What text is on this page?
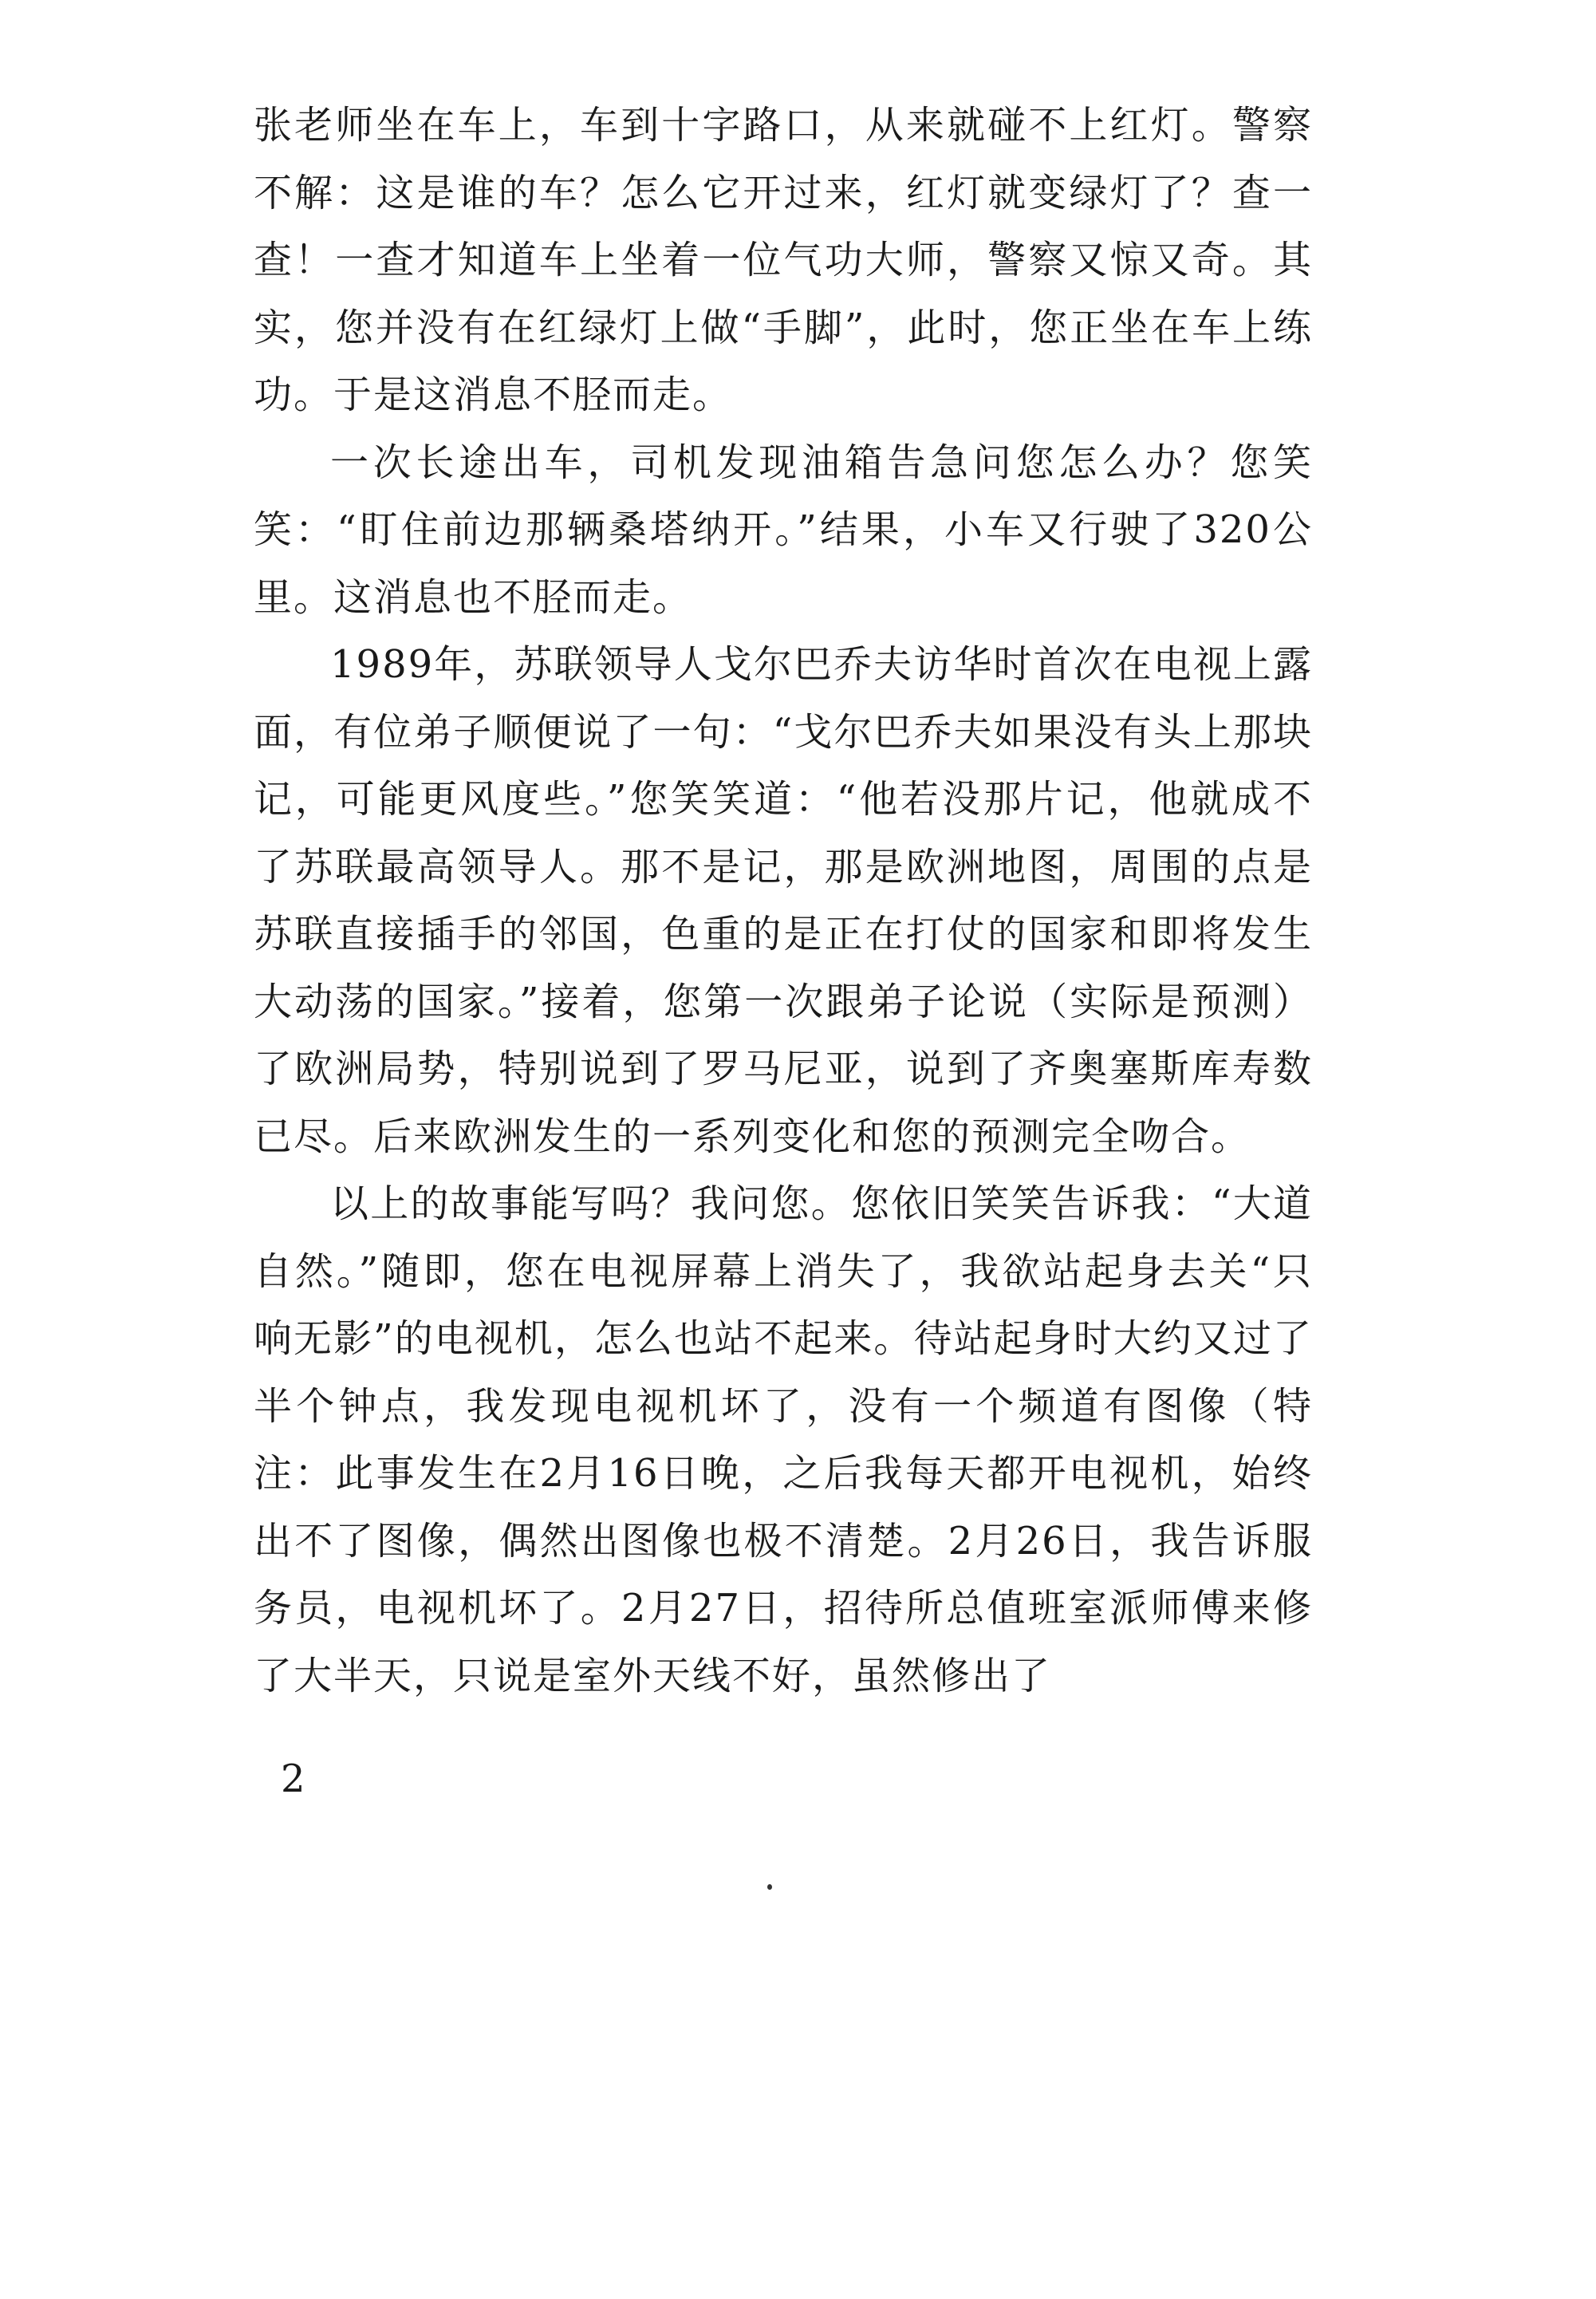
张老师坐在车上，车到十字路口，从来就碰不上红灯。警察不解：这是谁的车？怎么它开过来，红灯就变绿灯了？查一查！一查才知道车上坐着一位气功大师，警察又惊又奇。其实，您并没有在红绿灯上做“手脚”，此时，您正坐在车上练功。于是这消息不胫而走。

一次长途出车，司机发现油箱告急问您怎么办？您笑笑：“盯住前边那辆桑塔纳开。”结果，小车又行驶了320公里。这消息也不胫而走。

1989年，苏联领导人戈尔巴乔夫访华时首次在电视上露面，有位弟子顺便说了一句：“戈尔巴乔夫如果没有头上那块记，可能更风度些。”您笑笑道：“他若没那片记，他就成不了苏联最高领导人。那不是记，那是欧洲地图，周围的点是苏联直接插手的邻国，色重的是正在打仗的国家和即将发生大动荡的国家。”接着，您第一次跟弟子论说（实际是预测）了欧洲局势，特别说到了罗马尼亚，说到了齐奥塞斯库寿数已尽。后来欧洲发生的一系列变化和您的预测完全吻合。

以上的故事能写吗？我问您。您依旧笑笑告诉我：“大道自然。”随即，您在电视屏幕上消失了，我欲站起身去关“只响无影”的电视机，怎么也站不起来。待站起身时大约又过了半个钟点，我发现电视机坏了，没有一个频道有图像（特注：此事发生在2月16日晚，之后我每天都开电视机，始终出不了图像，偶然出图像也极不清楚。2月26日，我告诉服务员，电视机坏了。2月27日，招待所总值班室派师傅来修了大半天，只说是室外天线不好，虽然修出了

2
